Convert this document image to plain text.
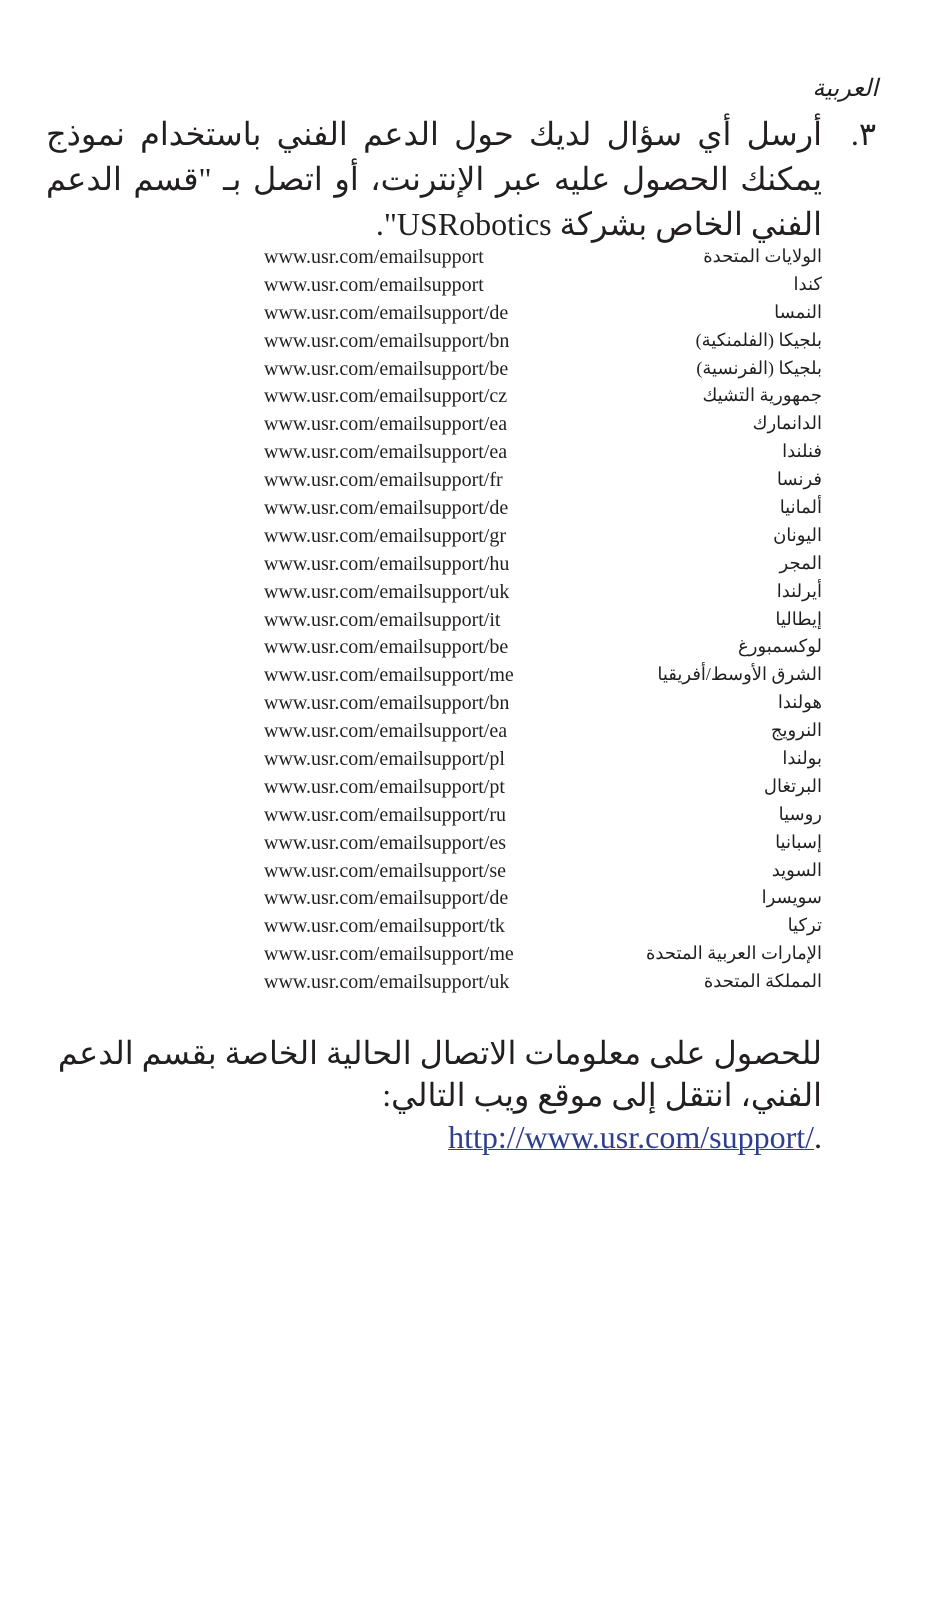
العربية
٣.
أرسل أي سؤال لديك حول الدعم الفني باستخدام نموذج يمكنك الحصول عليه عبر الإنترنت، أو اتصل بـ "قسم الدعم الفني الخاص بشركة USRobotics".
www.usr.com/emailsupport	الولايات المتحدة
www.usr.com/emailsupport	كندا
www.usr.com/emailsupport/de	النمسا
www.usr.com/emailsupport/bn	بلجيكا (الفلمنكية)
www.usr.com/emailsupport/be	بلجيكا (الفرنسية)
www.usr.com/emailsupport/cz	جمهورية التشيك
www.usr.com/emailsupport/ea	الدانمارك
www.usr.com/emailsupport/ea	فنلندا
www.usr.com/emailsupport/fr	فرنسا
www.usr.com/emailsupport/de	ألمانيا
www.usr.com/emailsupport/gr	اليونان
www.usr.com/emailsupport/hu	المجر
www.usr.com/emailsupport/uk	أيرلندا
www.usr.com/emailsupport/it	إيطاليا
www.usr.com/emailsupport/be	لوكسمبورغ
www.usr.com/emailsupport/me	الشرق الأوسط/أفريقيا
www.usr.com/emailsupport/bn	هولندا
www.usr.com/emailsupport/ea	النرويج
www.usr.com/emailsupport/pl	بولندا
www.usr.com/emailsupport/pt	البرتغال
www.usr.com/emailsupport/ru	روسيا
www.usr.com/emailsupport/es	إسبانيا
www.usr.com/emailsupport/se	السويد
www.usr.com/emailsupport/de	سويسرا
www.usr.com/emailsupport/tk	تركيا
www.usr.com/emailsupport/me	الإمارات العربية المتحدة
www.usr.com/emailsupport/uk	المملكة المتحدة

للحصول على معلومات الاتصال الحالية الخاصة بقسم الدعم الفني، انتقل إلى موقع ويب التالي:

.http://www.usr.com/support/
